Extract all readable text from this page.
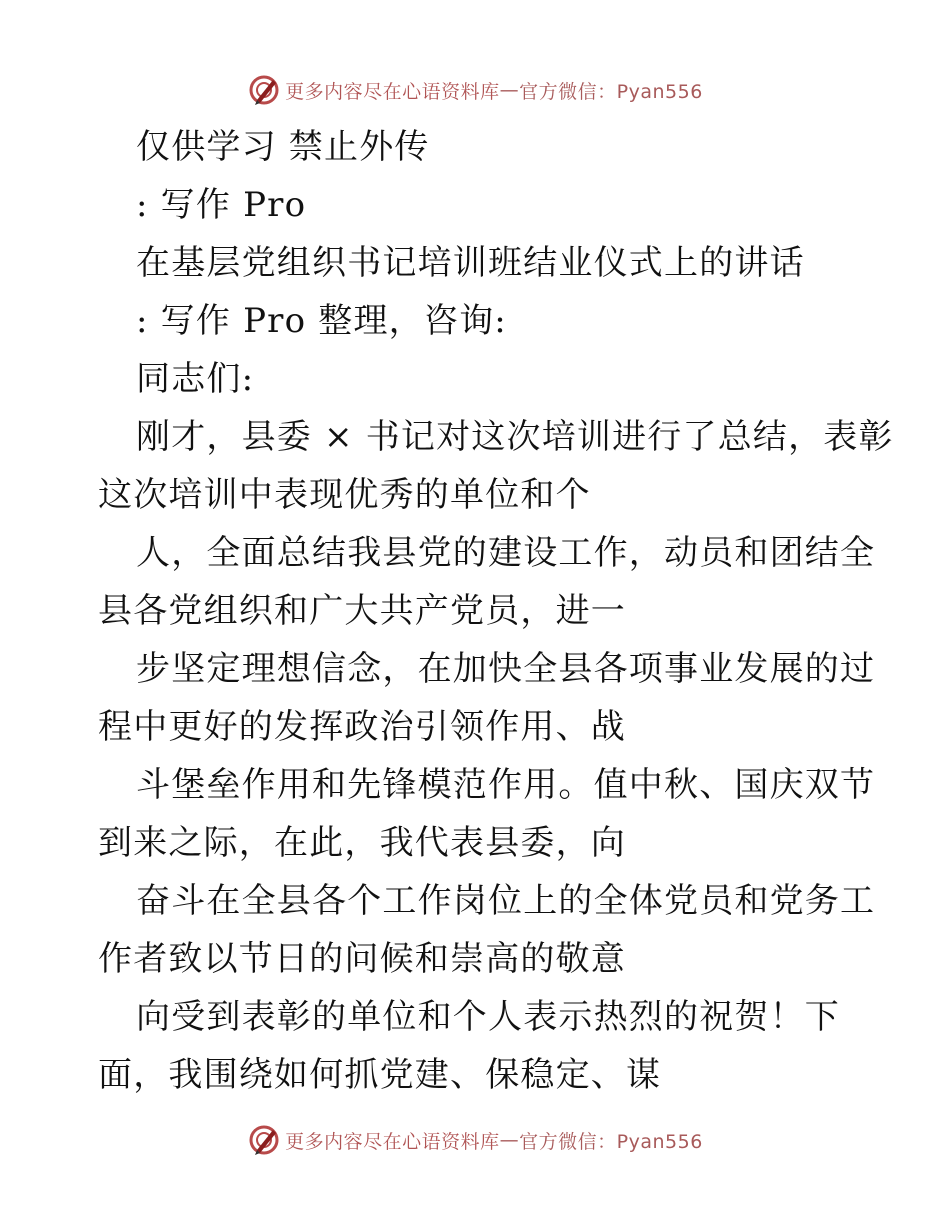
更多内容尽在心语资料库 — 官方微信：Pyan556

仅供学习 禁止外传

: 写作 Pro

在基层党组织书记培训班结业仪式上的讲话

: 写作 Pro 整理，咨询:

同志们:

刚才，县委 × 书记对这次培训进行了总结，表彰

这次培训中表现优秀的单位和个

人，全面总结我县党的建设工作，动员和团结全

县各党组织和广大共产党员，进一

步坚定理想信念，在加快全县各项事业发展的过

程中更好的发挥政治引领作用、战

斗堡垒作用和先锋模范作用。值中秋、国庆双节

到来之际，在此，我代表县委，向

奋斗在全县各个工作岗位上的全体党员和党务工

作者致以节日的问候和崇高的敬意

向受到表彰的单位和个人表示热烈的祝贺！下

面，我围绕如何抓党建、保稳定、谋

更多内容尽在心语资料库 — 官方微信：Pyan556
